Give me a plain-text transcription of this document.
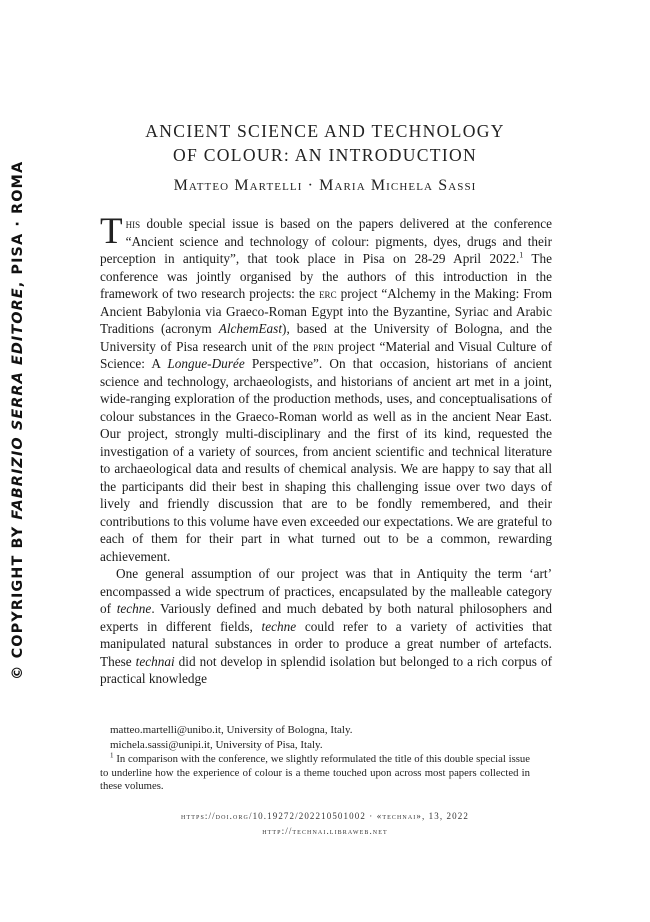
© COPYRIGHT BY FABRIZIO SERRA EDITORE, PISA · ROMA
ANCIENT SCIENCE AND TECHNOLOGY
OF COLOUR: AN INTRODUCTION
Matteo Martelli · Maria Michela Sassi

This double special issue is based on the papers delivered at the conference “Ancient science and technology of colour: pigments, dyes, drugs and their perception in antiquity”, that took place in Pisa on 28-29 April 2022.$^1$ The conference was jointly organised by the authors of this introduction in the framework of two research projects: the erc project “Alchemy in the Making: From Ancient Babylonia via Graeco-Roman Egypt into the Byzantine, Syriac and Arabic Traditions (acronym AlchemEast), based at the University of Bologna, and the University of Pisa research unit of the prin project “Material and Visual Culture of Science: A Longue-Durée Perspective”. On that occasion, historians of ancient science and technology, archaeologists, and historians of ancient art met in a joint, wide-ranging exploration of the production methods, uses, and conceptualisations of colour substances in the Graeco-Roman world as well as in the ancient Near East. Our project, strongly multi-disciplinary and the first of its kind, requested the investigation of a variety of sources, from ancient scientific and technical literature to archaeological data and results of chemical analysis. We are happy to say that all the participants did their best in shaping this challenging issue over two days of lively and friendly discussion that are to be fondly remembered, and their contributions to this volume have even exceeded our expectations. We are grateful to each of them for their part in what turned out to be a common, rewarding achievement.

One general assumption of our project was that in Antiquity the term ‘art’ encompassed a wide spectrum of practices, encapsulated by the malleable category of techne. Variously defined and much debated by both natural philosophers and experts in different fields, techne could refer to a variety of activities that manipulated natural substances in order to produce a great number of artefacts. These technai did not develop in splendid isolation but belonged to a rich corpus of practical knowledge

matteo.martelli@unibo.it, University of Bologna, Italy.
michela.sassi@unipi.it, University of Pisa, Italy.
$^1$ In comparison with the conference, we slightly reformulated the title of this double special issue to underline how the experience of colour is a theme touched upon across most papers collected in these volumes.
https://doi.org/10.19272/202210501002 · «technai», 13, 2022
http://technai.libraweb.net
